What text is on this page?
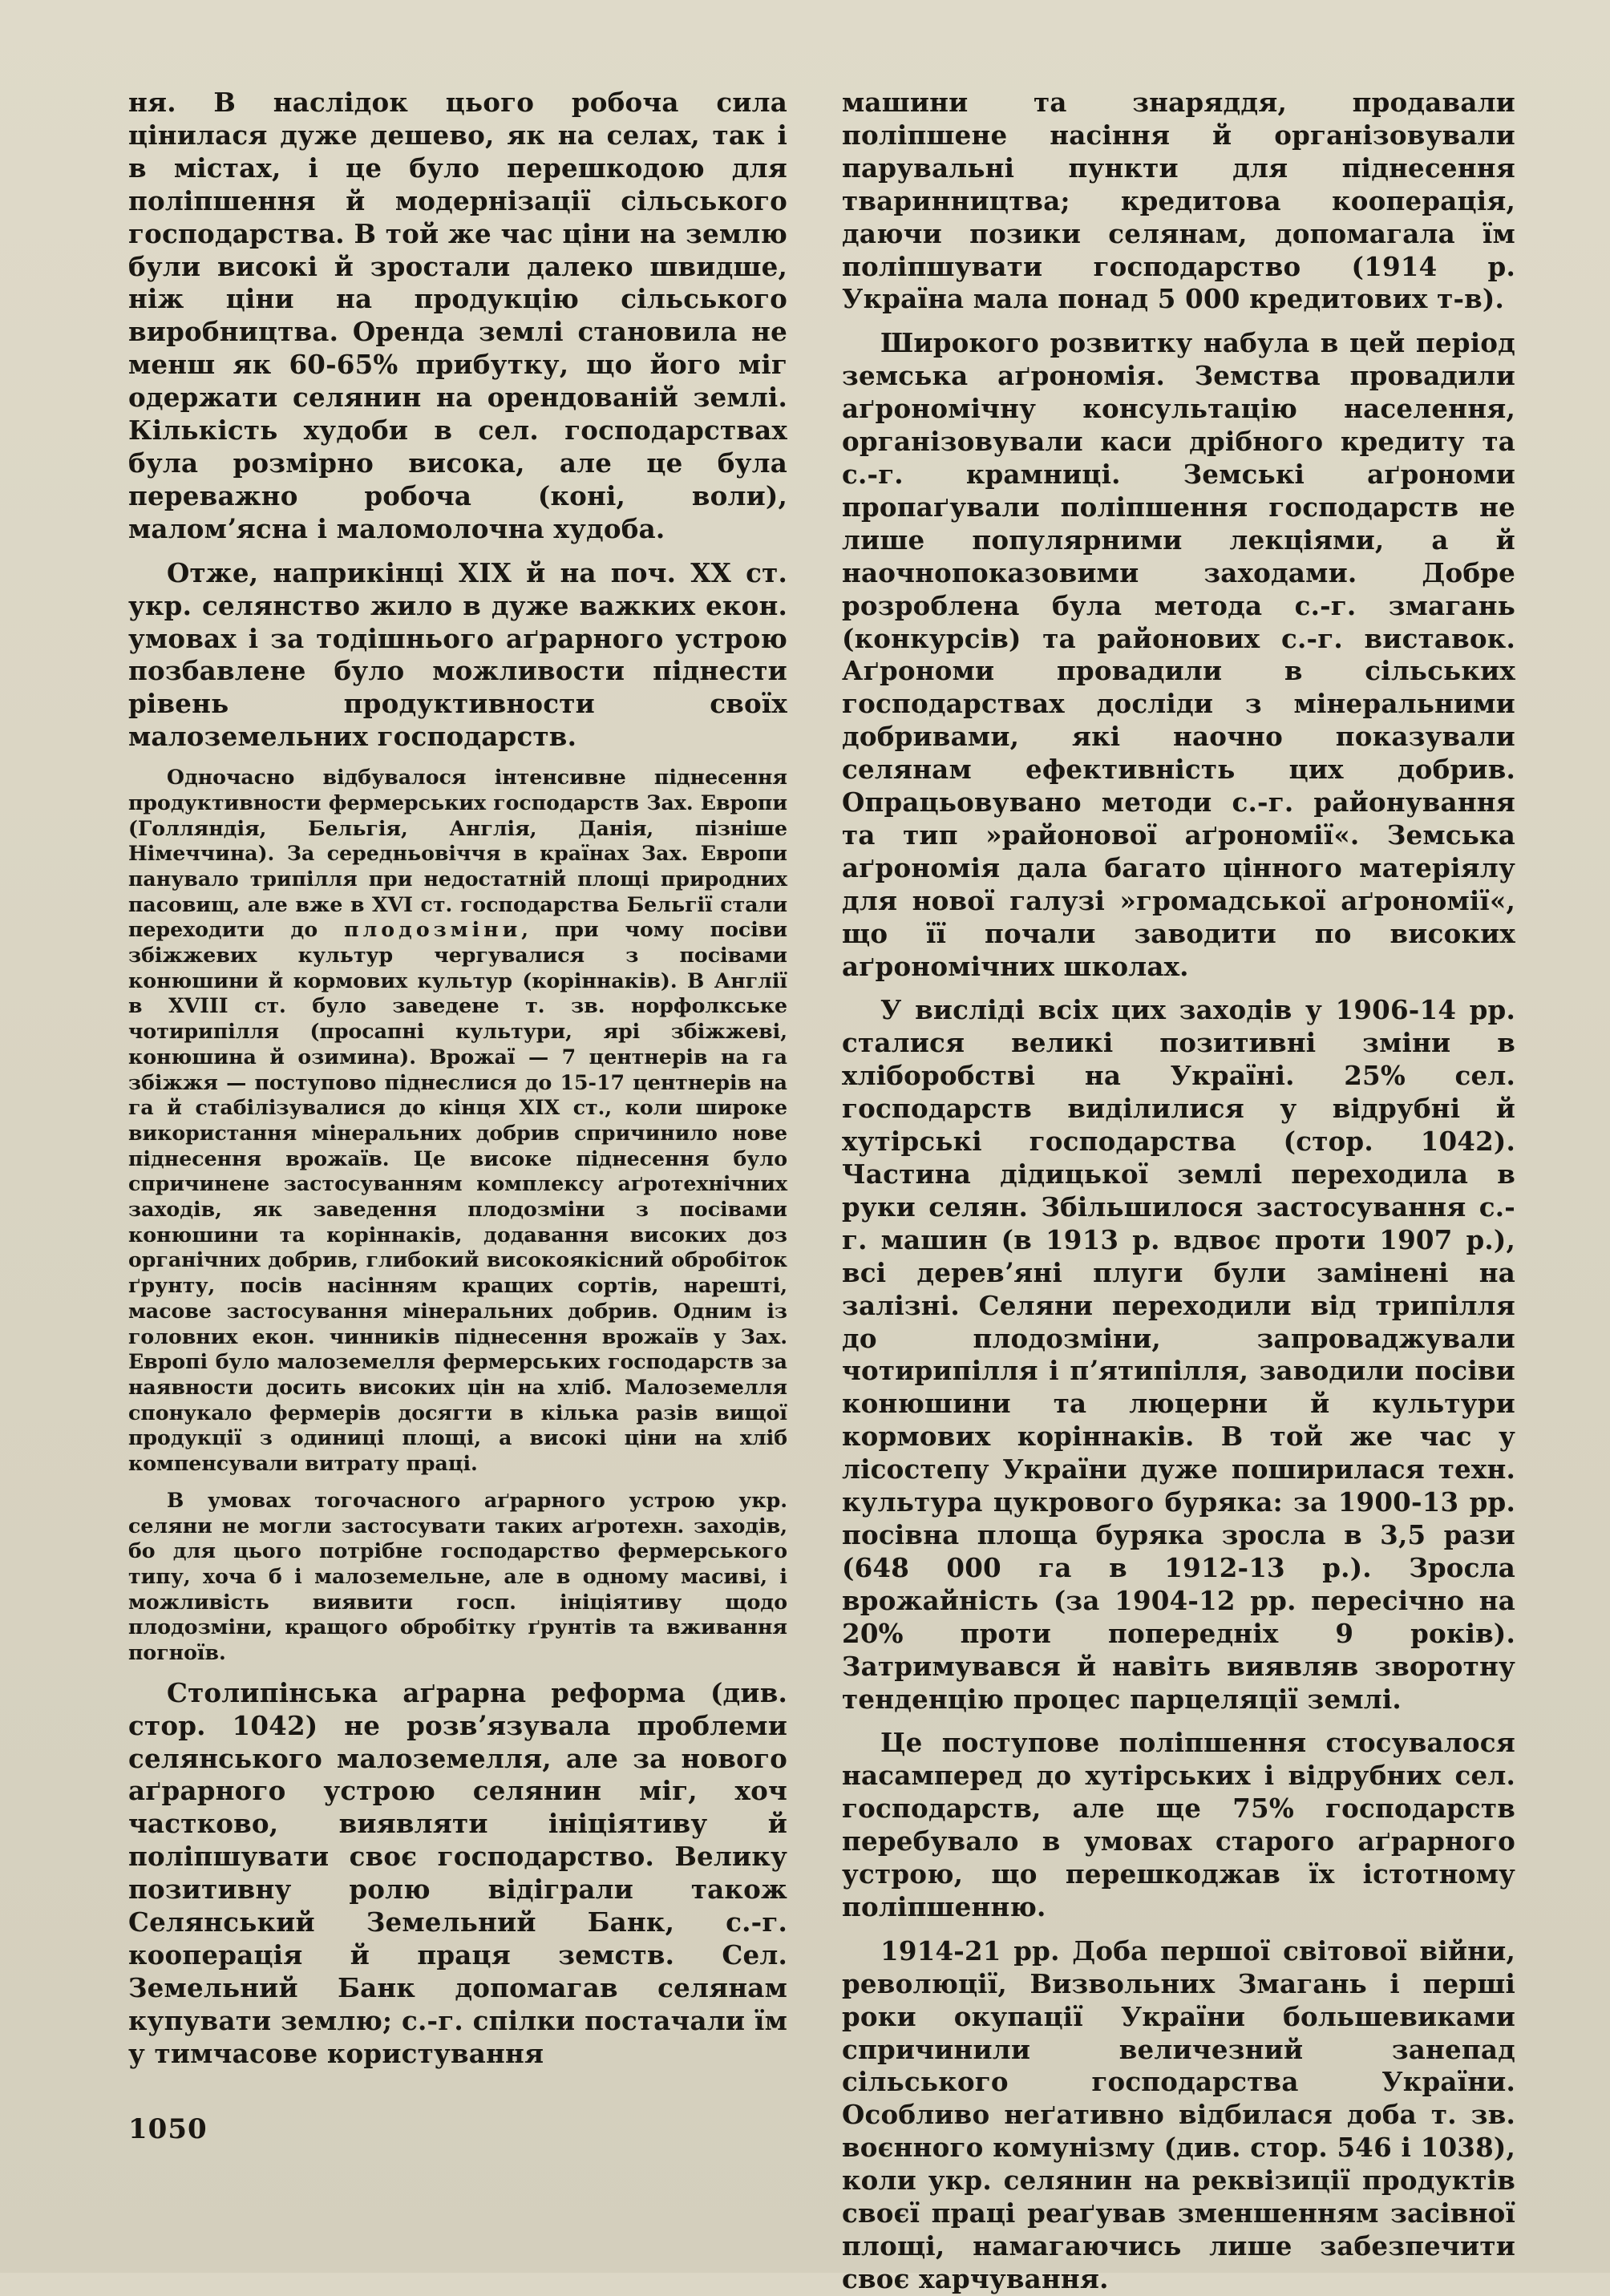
ня. В наслідок цього робоча сила цінилася дуже дешево, як на селах, так і в містах, і це було перешкодою для поліпшення й модернізації сільського господарства. В той же час ціни на землю були високі й зростали далеко швидше, ніж ціни на продукцію сільського виробництва. Оренда землі становила не менш як 60-65% прибутку, що його міг одержати селянин на орендованій землі. Кількість худоби в сел. господарствах була розмірно висока, але це була переважно робоча (коні, воли), маломʼясна і маломолочна худоба.

Отже, наприкінці XIX й на поч. XX ст. укр. селянство жило в дуже важких екон. умовах і за тодішнього аґрарного устрою позбавлене було можливости піднести рівень продуктивности своїх малоземельних господарств.

Одночасно відбувалося інтенсивне піднесення продуктивности фермерських господарств Зах. Европи (Голляндія, Бельгія, Англія, Данія, пізніше Німеччина). За середньовіччя в країнах Зах. Европи панувало трипілля при недостатній площі природних пасовищ, але вже в XVI ст. господарства Бельгії стали переходити до плодозміни, при чому посіви збіжжевих культур чергувалися з посівами конюшини й кормових культур (коріннаків). В Англії в XVIII ст. було заведене т. зв. норфолкське чотирипілля (просапні культури, ярі збіжжеві, конюшина й озимина). Врожаї — 7 центнерів на га збіжжя — поступово піднеслися до 15-17 центнерів на га й стабілізувалися до кінця XIX ст., коли широке використання мінеральних добрив спричинило нове піднесення врожаїв. Це високе піднесення було спричинене застосуванням комплексу аґротехнічних заходів, як заведення плодозміни з посівами конюшини та коріннаків, додавання високих доз органічних добрив, глибокий високоякісний обробіток ґрунту, посів насінням кращих сортів, нарешті, масове застосування мінеральних добрив. Одним із головних екон. чинників піднесення врожаїв у Зах. Европі було малоземелля фермерських господарств за наявности досить високих цін на хліб. Малоземелля спонукало фермерів досягти в кілька разів вищої продукції з одиниці площі, а високі ціни на хліб компенсували витрату праці.

В умовах тогочасного аґрарного устрою укр. селяни не могли застосувати таких аґротехн. заходів, бо для цього потрібне господарство фермерського типу, хоча б і малоземельне, але в одному масиві, і можливість виявити госп. ініціятиву щодо плодозміни, кращого обробітку ґрунтів та вживання погноїв.

Столипінська аґрарна реформа (див. стор. 1042) не розвʼязувала проблеми селянського малоземелля, але за нового аґрарного устрою селянин міг, хоч частково, виявляти ініціятиву й поліпшувати своє господарство. Велику позитивну ролю відіграли також Селянський Земельний Банк, с.-г. кооперація й праця земств. Сел. Земельний Банк допомагав селянам купувати землю; с.-г. спілки постачали їм у тимчасове користування

машини та знаряддя, продавали поліпшене насіння й організовували парувальні пункти для піднесення тваринництва; кредитова кооперація, даючи позики селянам, допомагала їм поліпшувати господарство (1914 р. Україна мала понад 5 000 кредитових т-в).

Широкого розвитку набула в цей період земська аґрономія. Земства провадили аґрономічну консультацію населення, організовували каси дрібного кредиту та с.-г. крамниці. Земські аґрономи пропаґували поліпшення господарств не лише популярними лекціями, а й наочнопоказовими заходами. Добре розроблена була метода с.-г. змагань (конкурсів) та районових с.-г. виставок. Аґрономи провадили в сільських господарствах досліди з мінеральними добривами, які наочно показували селянам ефективність цих добрив. Опрацьовувано методи с.-г. районування та тип »районової аґрономії«. Земська аґрономія дала багато цінного матеріялу для нової галузі »громадської аґрономії«, що її почали заводити по високих аґрономічних школах.

У висліді всіх цих заходів у 1906-14 рр. сталися великі позитивні зміни в хліборобстві на Україні. 25% сел. господарств виділилися у відрубні й хутірські господарства (стор. 1042). Частина дідицької землі переходила в руки селян. Збільшилося застосування с.-г. машин (в 1913 р. вдвоє проти 1907 р.), всі деревʼяні плуги були замінені на залізні. Селяни переходили від трипілля до плодозміни, запроваджували чотирипілля і пʼятипілля, заводили посіви конюшини та люцерни й культури кормових коріннаків. В той же час у лісостепу України дуже поширилася техн. культура цукрового буряка: за 1900-13 рр. посівна площа буряка зросла в 3,5 рази (648 000 га в 1912-13 р.). Зросла врожайність (за 1904-12 рр. пересічно на 20% проти попередніх 9 років). Затримувався й навіть виявляв зворотну тенденцію процес парцеляції землі.

Це поступове поліпшення стосувалося насамперед до хутірських і відрубних сел. господарств, але ще 75% господарств перебувало в умовах старого аґрарного устрою, що перешкоджав їх істотному поліпшенню.

1914-21 рр. Доба першої світової війни, революції, Визвольних Змагань і перші роки окупації України большевиками спричинили величезний занепад сільського господарства України. Особливо неґативно відбилася доба т. зв. воєнного комунізму (див. стор. 546 і 1038), коли укр. селянин на реквізиції продуктів своєї праці реаґував зменшенням засівної площі, намагаючись лише забезпечити своє харчування.

1050
